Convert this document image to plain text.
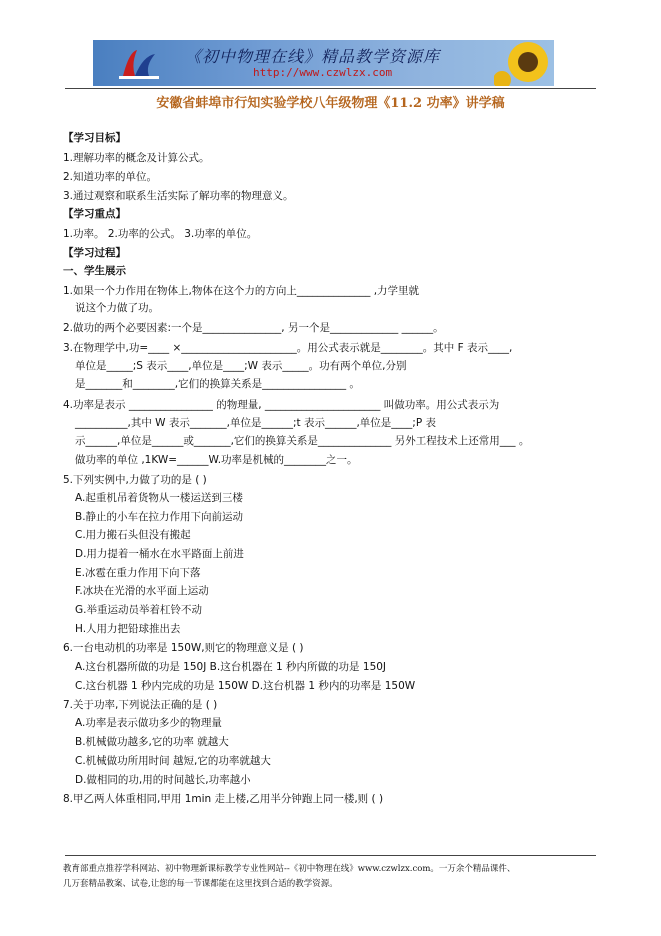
《初中物理在线》精品教学资源库
http://www.czwlzx.com
安徽省蚌埠市行知实验学校八年级物理《11.2 功率》讲学稿
【学习目标】
1.理解功率的概念及计算公式。
2.知道功率的单位。
3.通过观察和联系生活实际了解功率的物理意义。
【学习重点】
1.功率。 2.功率的公式。 3.功率的单位。
【学习过程】
一、学生展示
1.如果一个力作用在物体上,物体在这个力的方向上______________ ,力学里就
说这个力做了功。
2.做功的两个必要因素:一个是_______________, 另一个是_____________ ______。
3.在物理学中,功=____ ×______________________。用公式表示就是________。其中 F 表示____,
单位是_____;S 表示____,单位是____;W 表示_____。功有两个单位,分别
是_______和________,它们的换算关系是________________ 。
4.功率是表示 ________________ 的物理量, ______________________ 叫做功率。用公式表示为
__________,其中 W 表示_______,单位是______;t 表示______,单位是____;P 表
示______,单位是______或_______,它们的换算关系是______________ 另外工程技术上还常用___ 。
做功率的单位 ,1KW=______W.功率是机械的________之一。
5.下列实例中,力做了功的是 ( )
A.起重机吊着货物从一楼运送到三楼
B.静止的小车在拉力作用下向前运动
C.用力搬石头但没有搬起
D.用力提着一桶水在水平路面上前进
E.冰雹在重力作用下向下落
F.冰块在光滑的水平面上运动
G.举重运动员举着杠铃不动
H.人用力把铅球推出去
6.一台电动机的功率是 150W,则它的物理意义是 ( )
A.这台机器所做的功是 150J B.这台机器在 1 秒内所做的功是 150J
C.这台机器 1 秒内完成的功是 150W D.这台机器 1 秒内的功率是 150W
7.关于功率,下列说法正确的是 ( )
A.功率是表示做功多少的物理量
B.机械做功越多,它的功率 就越大
C.机械做功所用时间 越短,它的功率就越大
D.做相同的功,用的时间越长,功率越小
8.甲乙两人体重相同,甲用 1min 走上楼,乙用半分钟跑上同一楼,则 ( )
教育部重点推荐学科网站、初中物理新课标教学专业性网站--《初中物理在线》www.czwlzx.com。一万余个精品课件、
几万套精品教案、试卷,让您的每一节课都能在这里找到合适的教学资源。
